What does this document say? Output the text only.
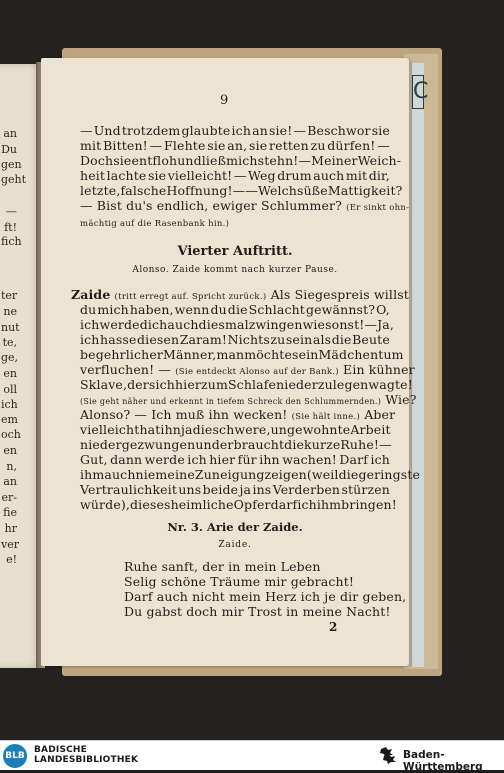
C
an
Du
gen
geht
—
ft!
fich
ter
ne
nut
te,
ge,
en
oll
ich
em
och
en
n,
an
er-
fie
hr
ver
e!
9
— Und trotzdem glaubte ich an sie! — Beschwor sie
mit Bitten! — Flehte sie an, sie retten zu dürfen! —
Doch sie entfloh und ließ mich stehn! — Meiner Weich-
heit lachte sie vielleicht! — Weg drum auch mit dir,
letzte, falsche Hoffnung! — — Welch süße Mattigkeit?
— Bist du's endlich, ewiger Schlummer? (Er sinkt ohn-
mächtig auf die Rasenbank hin.)
Vierter Auftritt.
Alonso. Zaide kommt nach kurzer Pause.
Zaide (tritt erregt auf. Spricht zurück.) Als Siegespreis willst
du mich haben, wenn du die Schlacht gewännst? O,
ich werde dich auch diesmal zwingen wie sonst! — Ja,
ich hasse diesen Zaram! Nichts zu sein als die Beute
begehrlicher Männer, man möchte sein Mädchentum
verfluchen! — (Sie entdeckt Alonso auf der Bank.) Ein kühner
Sklave, der sich hier zum Schlafe niederzulegen wagte!
(Sie geht näher und erkennt in tiefem Schreck den Schlummernden.) Wie?
Alonso? — Ich muß ihn wecken! (Sie hält inne.) Aber
vielleicht hat ihn ja die schwere, ungewohnte Arbeit
niedergezwungen und er braucht die kurze Ruhe! —
Gut, dann werde ich hier für ihn wachen! Darf ich
ihm auch nie meine Zuneigung zeigen (weil die geringste
Vertraulichkeit uns beide ja ins Verderben stürzen
würde), dieses heimliche Opfer darf ich ihm bringen!
Nr. 3. Arie der Zaide.
Zaide.
Ruhe sanft, der in mein Leben
Selig schöne Träume mir gebracht!
Darf auch nicht mein Herz ich je dir geben,
Du gabst doch mir Trost in meine Nacht!
2
BLB
BADISCHE
LANDESBIBLIOTHEK	Baden-Württemberg
